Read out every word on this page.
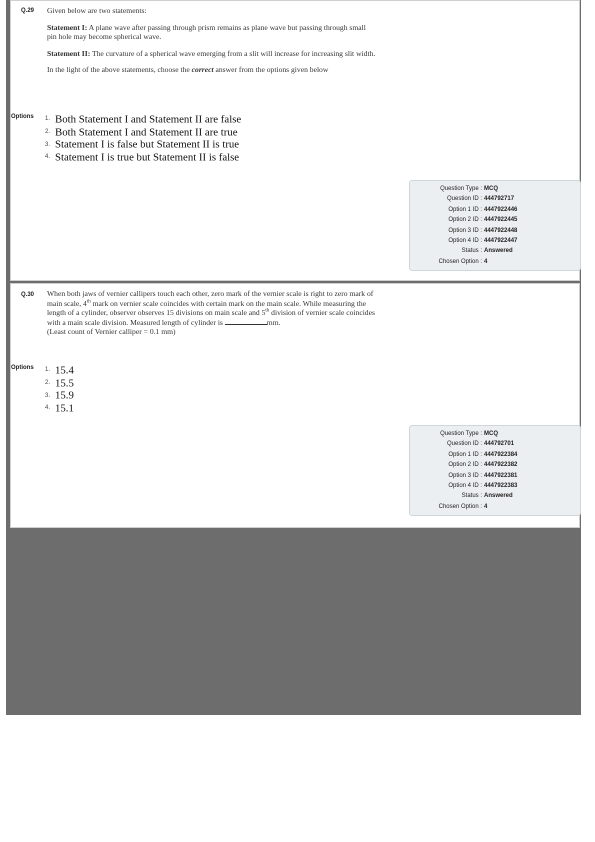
Q.29 Given below are two statements:

Statement I: A plane wave after passing through prism remains as plane wave but passing through small pin hole may become spherical wave.

Statement II: The curvature of a spherical wave emerging from a slit will increase for increasing slit width.

In the light of the above statements, choose the correct answer from the options given below

Options 1. Both Statement I and Statement II are false
2. Both Statement I and Statement II are true
3. Statement I is false but Statement II is true
4. Statement I is true but Statement II is false
Question Type : MCQ
Question ID : 444792717
Option 1 ID : 4447922446
Option 2 ID : 4447922445
Option 3 ID : 4447922448
Option 4 ID : 4447922447
Status : Answered
Chosen Option : 4
Q.30 When both jaws of vernier callipers touch each other, zero mark of the vernier scale is right to zero mark of main scale, 4th mark on vernier scale coincides with certain mark on the main scale. While measuring the length of a cylinder, observer observes 15 divisions on main scale and 5th division of vernier scale coincides with a main scale division. Measured length of cylinder is	mm.

(Least count of Vernier calliper = 0.1 mm)

Options 1. 15.4
2. 15.5
3. 15.9
4. 15.1
Question Type : MCQ
Question ID : 444792701
Option 1 ID : 4447922384
Option 2 ID : 4447922382
Option 3 ID : 4447922381
Option 4 ID : 4447922383
Status : Answered
Chosen Option : 4
